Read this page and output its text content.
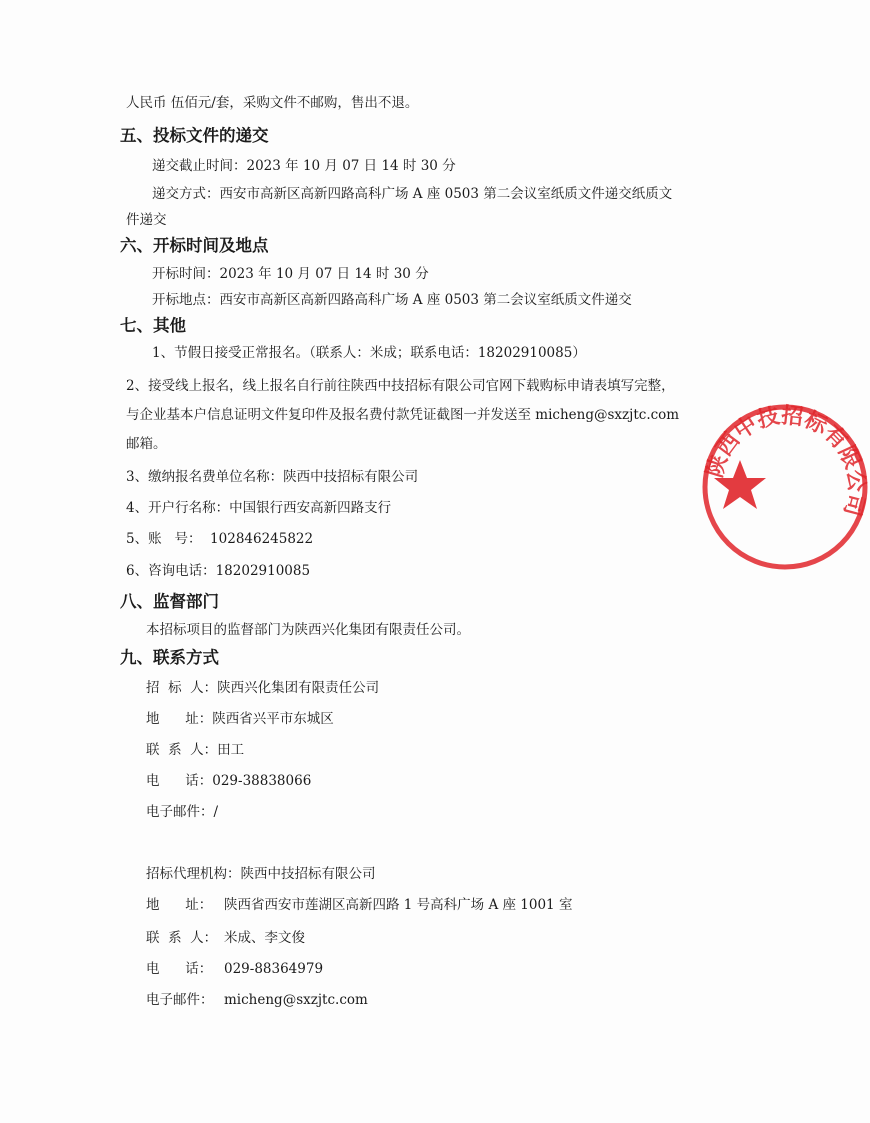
人民币 伍佰元/套，采购文件不邮购，售出不退。
五、投标文件的递交
递交截止时间：2023 年 10 月 07 日 14 时 30 分
递交方式：西安市高新区高新四路高科广场 A 座 0503 第二会议室纸质文件递交纸质文
件递交
六、开标时间及地点
开标时间：2023 年 10 月 07 日 14 时 30 分
开标地点：西安市高新区高新四路高科广场 A 座 0503 第二会议室纸质文件递交
七、其他
1、节假日接受正常报名。（联系人：米成；联系电话：18202910085）
2、接受线上报名，线上报名自行前往陕西中技招标有限公司官网下载购标申请表填写完整，
与企业基本户信息证明文件复印件及报名费付款凭证截图一并发送至 micheng@sxzjtc.com
邮箱。
3、缴纳报名费单位名称：陕西中技招标有限公司
4、开户行名称：中国银行西安高新四路支行
5、账   号：  102846245822
6、咨询电话：18202910085
八、监督部门
本招标项目的监督部门为陕西兴化集团有限责任公司。
九、联系方式
招  标  人：陕西兴化集团有限责任公司
地      址：陕西省兴平市东城区
联  系  人：田工
电      话：029-38838066
电子邮件：/
招标代理机构：陕西中技招标有限公司
地      址： 陕西省西安市莲湖区高新四路 1 号高科广场 A 座 1001 室
联  系  人： 米成、李文俊
电      话： 029-88364979
电子邮件： micheng@sxzjtc.com
陕西中技招标有限公司
